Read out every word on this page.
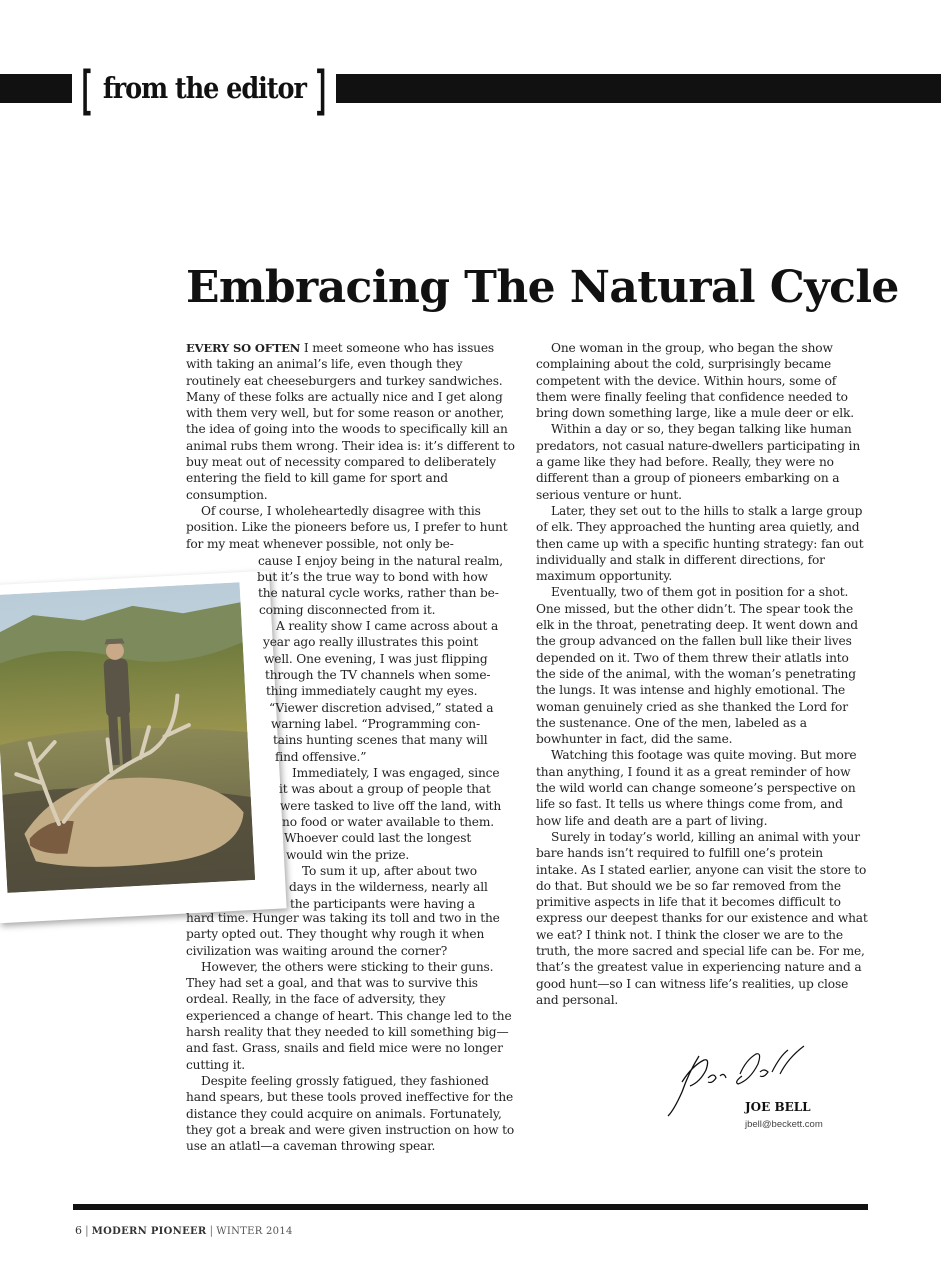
[ from the editor ]
Embracing The Natural Cycle

EVERY SO OFTEN I meet someone who has issues with taking an animal’s life, even though they routinely eat cheeseburgers and turkey sandwiches. Many of these folks are actually nice and I get along with them very well, but for some reason or another, the idea of going into the woods to specifically kill an animal rubs them wrong. Their idea is: it’s different to buy meat out of necessity compared to deliberately entering the field to kill game for sport and consumption.

Of course, I wholeheartedly disagree with this position. Like the pioneers before us, I prefer to hunt for my meat whenever possible, not only be-

cause I enjoy being in the natural realm,
but it’s the true way to bond with how
the natural cycle works, rather than be-
coming disconnected from it.
A reality show I came across about a
year ago really illustrates this point
well. One evening, I was just flipping
through the TV channels when some-
thing immediately caught my eyes.
“Viewer discretion advised,” stated a
warning label. “Programming con-
tains hunting scenes that many will
find offensive.”
Immediately, I was engaged, since
it was about a group of people that
were tasked to live off the land, with
no food or water available to them.
Whoever could last the longest
would win the prize.
To sum it up, after about two
days in the wilderness, nearly all
the participants were having a

hard time. Hunger was taking its toll and two in the party opted out. They thought why rough it when civilization was waiting around the corner?

However, the others were sticking to their guns. They had set a goal, and that was to survive this ordeal. Really, in the face of adversity, they experienced a change of heart. This change led to the harsh reality that they needed to kill something big—and fast. Grass, snails and field mice were no longer cutting it.

Despite feeling grossly fatigued, they fashioned hand spears, but these tools proved ineffective for the distance they could acquire on animals. Fortunately, they got a break and were given instruction on how to use an atlatl—a caveman throwing spear.

One woman in the group, who began the show complaining about the cold, surprisingly became competent with the device. Within hours, some of them were finally feeling that confidence needed to bring down something large, like a mule deer or elk.

Within a day or so, they began talking like human predators, not casual nature-dwellers participating in a game like they had before. Really, they were no different than a group of pioneers embarking on a serious venture or hunt.

Later, they set out to the hills to stalk a large group of elk. They approached the hunting area quietly, and then came up with a specific hunting strategy: fan out individually and stalk in different directions, for maximum opportunity.

Eventually, two of them got in position for a shot. One missed, but the other didn’t. The spear took the elk in the throat, penetrating deep. It went down and the group advanced on the fallen bull like their lives depended on it. Two of them threw their atlatls into the side of the animal, with the woman’s penetrating the lungs. It was intense and highly emotional. The woman genuinely cried as she thanked the Lord for the sustenance. One of the men, labeled as a bowhunter in fact, did the same.

Watching this footage was quite moving. But more than anything, I found it as a great reminder of how the wild world can change someone’s perspective on life so fast. It tells us where things come from, and how life and death are a part of living.

Surely in today’s world, killing an animal with your bare hands isn’t required to fulfill one’s protein intake. As I stated earlier, anyone can visit the store to do that. But should we be so far removed from the primitive aspects in life that it becomes difficult to express our deepest thanks for our existence and what we eat? I think not. I think the closer we are to the truth, the more sacred and special life can be. For me, that’s the greatest value in experiencing nature and a good hunt—so I can witness life’s realities, up close and personal.

JOE BELL
jbell@beckett.com
6 | MODERN PIONEER | WINTER 2014
